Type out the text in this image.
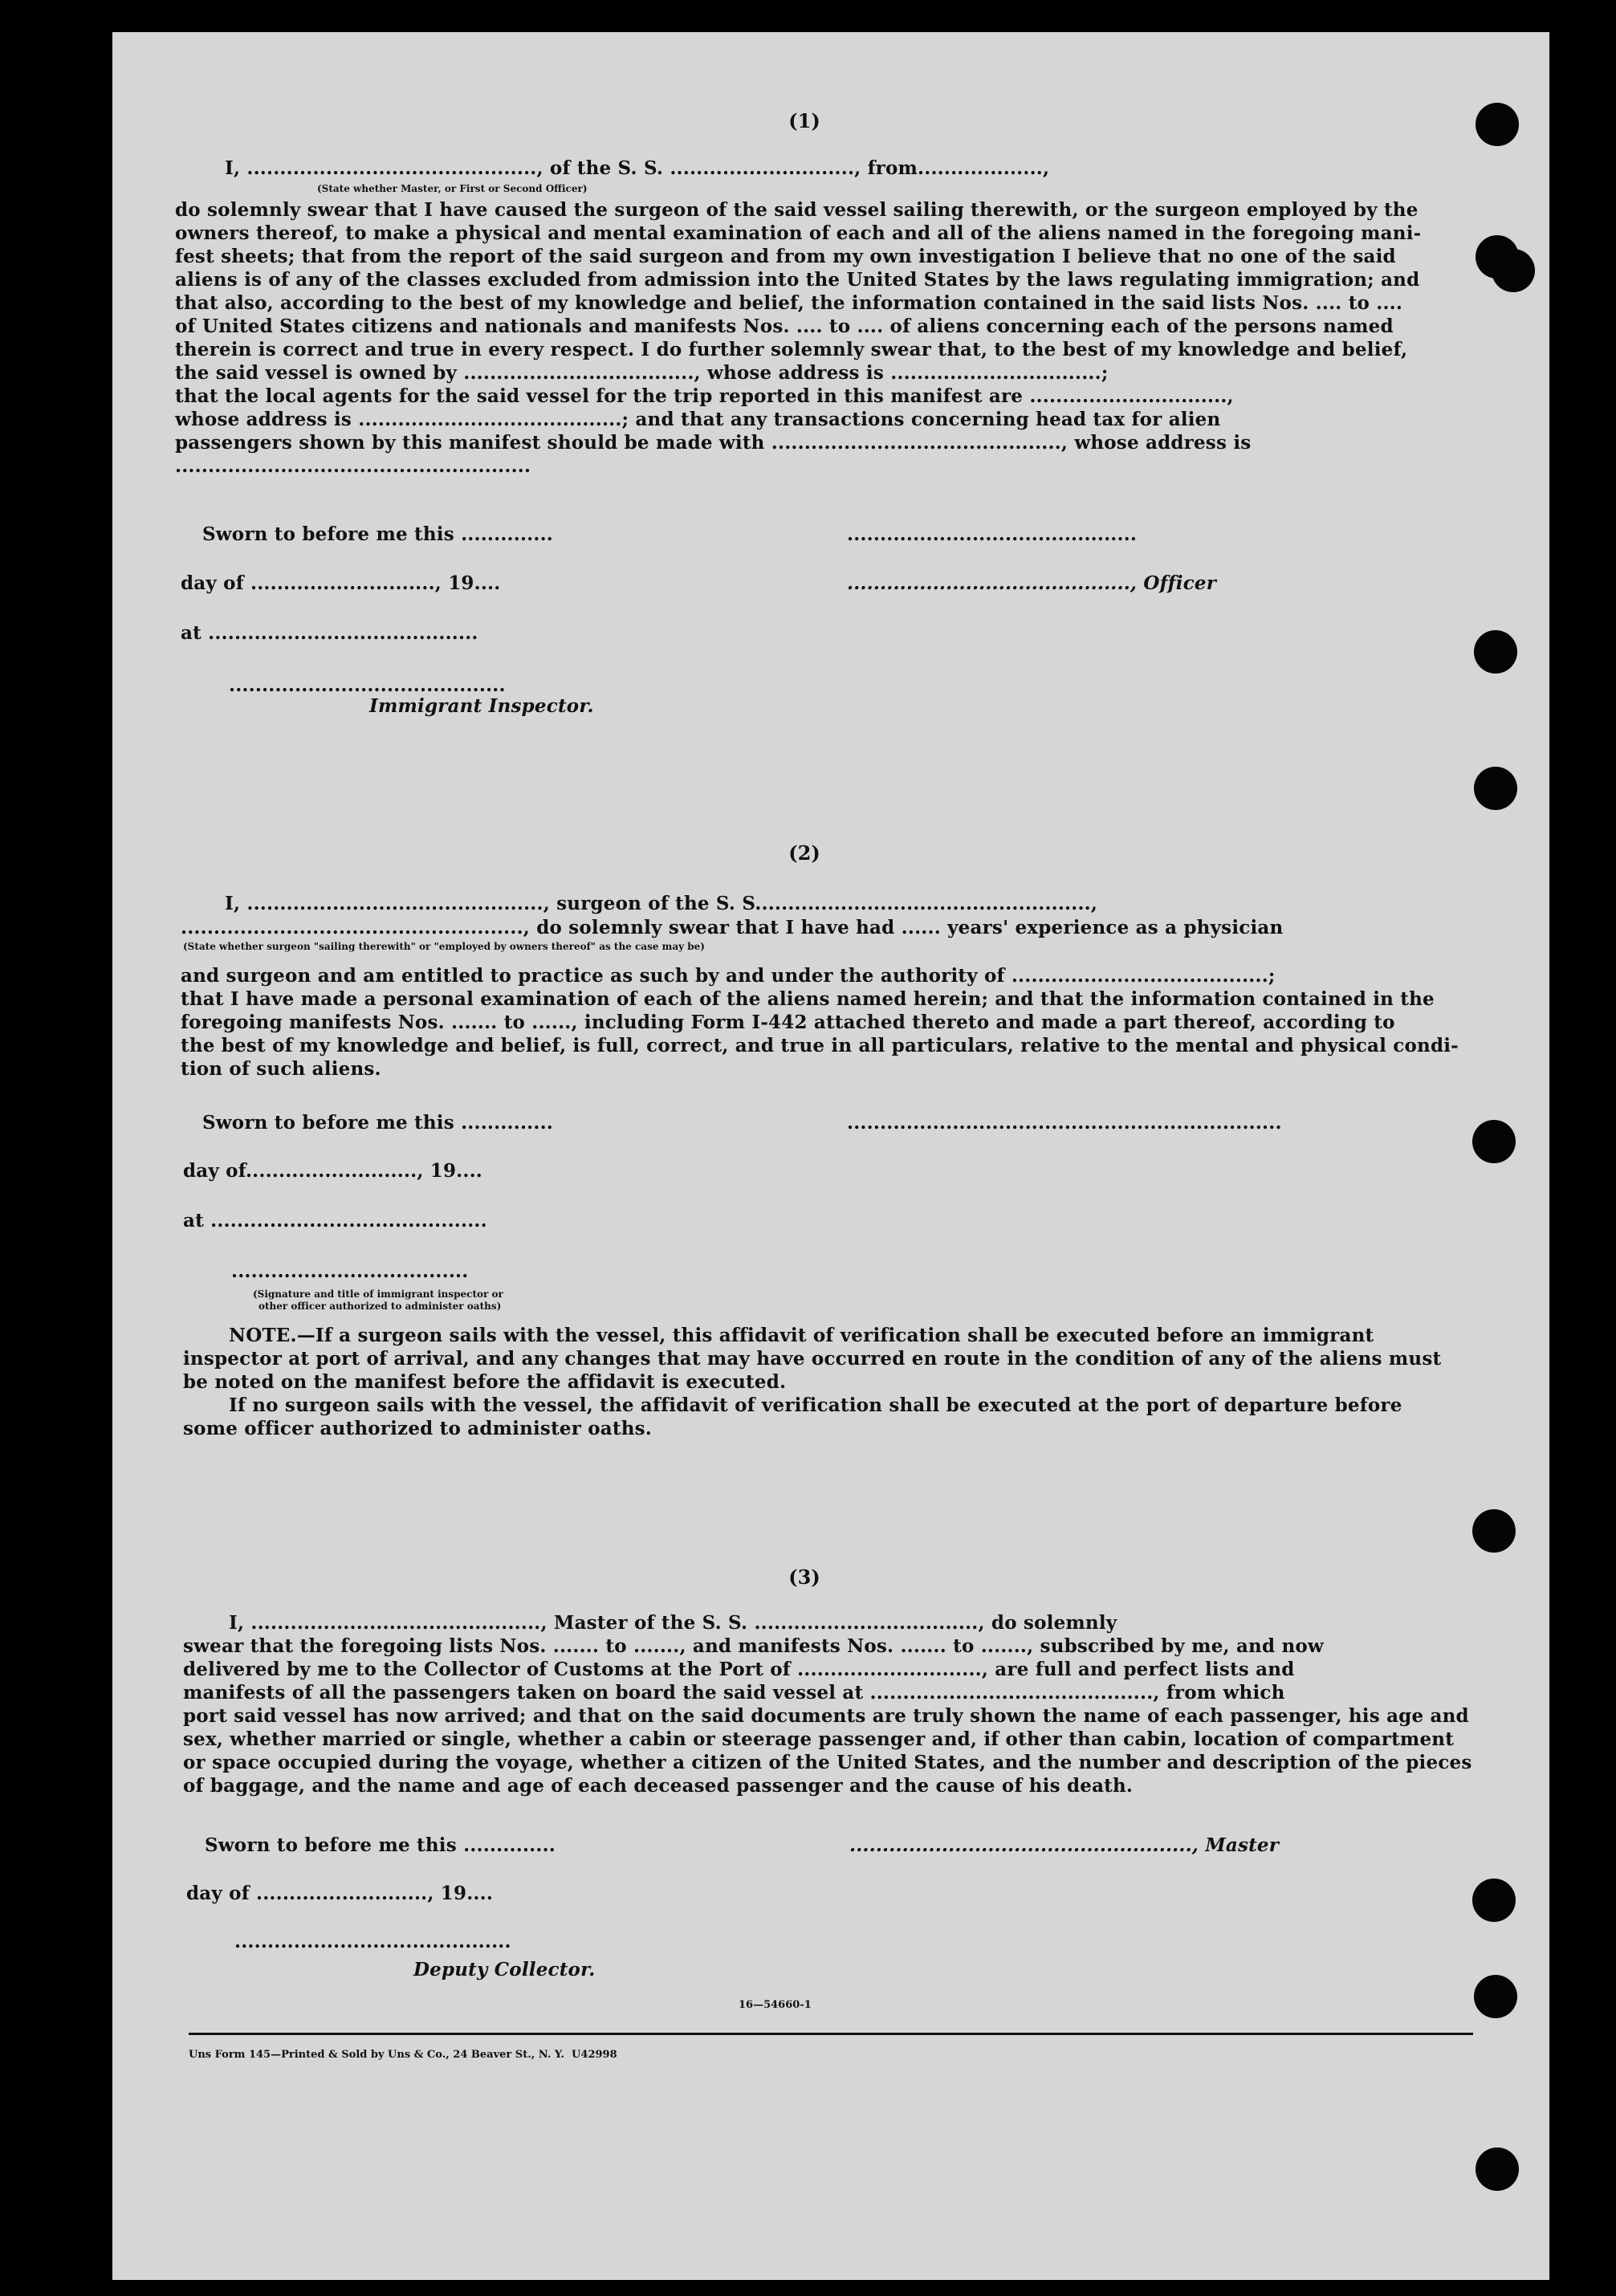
(1)
I, ............................................, of the S. S. ............................, from...................,
(State whether Master, or First or Second Officer)
do solemnly swear that I have caused the surgeon of the said vessel sailing therewith, or the surgeon employed by the
owners thereof, to make a physical and mental examination of each and all of the aliens named in the foregoing mani-
fest sheets; that from the report of the said surgeon and from my own investigation I believe that no one of the said
aliens is of any of the classes excluded from admission into the United States by the laws regulating immigration; and
that also, according to the best of my knowledge and belief, the information contained in the said lists Nos. .... to ....
of United States citizens and nationals and manifests Nos. .... to .... of aliens concerning each of the persons named
therein is correct and true in every respect. I do further solemnly swear that, to the best of my knowledge and belief,
the said vessel is owned by ..................................., whose address is ................................;
that the local agents for the said vessel for the trip reported in this manifest are ..............................,
whose address is ........................................; and that any transactions concerning head tax for alien
passengers shown by this manifest should be made with ............................................, whose address is
......................................................
Sworn to before me this ..............	............................................
day of ............................, 19....	..........................................., Officer
at .........................................
..........................................
Immigrant Inspector.
(2)
I, ............................................., surgeon of the S. S...................................................,
...................................................., do solemnly swear that I have had ...... years' experience as a physician
(State whether surgeon "sailing therewith" or "employed by owners thereof" as the case may be)
and surgeon and am entitled to practice as such by and under the authority of .......................................;
that I have made a personal examination of each of the aliens named herein; and that the information contained in the
foregoing manifests Nos. ....... to ......, including Form I-442 attached thereto and made a part thereof, according to
the best of my knowledge and belief, is full, correct, and true in all particulars, relative to the mental and physical condi-
tion of such aliens.
Sworn to before me this ..............	..................................................................
day of.........................., 19....
at ..........................................
....................................
(Signature and title of immigrant inspector or
other officer authorized to administer oaths)
NOTE.—If a surgeon sails with the vessel, this affidavit of verification shall be executed before an immigrant
inspector at port of arrival, and any changes that may have occurred en route in the condition of any of the aliens must
be noted on the manifest before the affidavit is executed.
If no surgeon sails with the vessel, the affidavit of verification shall be executed at the port of departure before
some officer authorized to administer oaths.
(3)
I, ............................................, Master of the S. S. .................................., do solemnly
swear that the foregoing lists Nos. ....... to ......., and manifests Nos. ....... to ......., subscribed by me, and now
delivered by me to the Collector of Customs at the Port of ............................, are full and perfect lists and
manifests of all the passengers taken on board the said vessel at ..........................................., from which
port said vessel has now arrived; and that on the said documents are truly shown the name of each passenger, his age and
sex, whether married or single, whether a cabin or steerage passenger and, if other than cabin, location of compartment
or space occupied during the voyage, whether a citizen of the United States, and the number and description of the pieces
of baggage, and the name and age of each deceased passenger and the cause of his death.
Sworn to before me this ..............	...................................................., Master
day of .........................., 19....
..........................................
Deputy Collector.
16—54660-1
Uns Form 145—Printed & Sold by Uns & Co., 24 Beaver St., N. Y.  U42998
